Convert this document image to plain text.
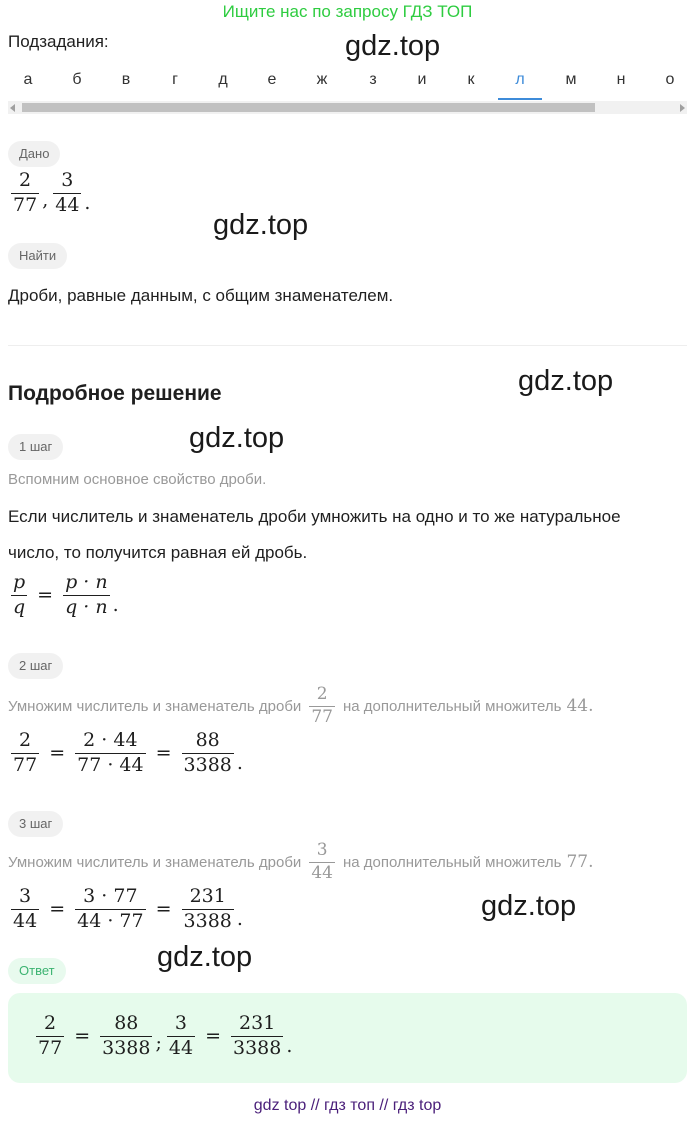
Ищите нас по запросу ГДЗ ТОП
Подзадания:
а	б	в	г	д	е	ж	з	и	к	л	м	н	о
Дано
$\frac{2}{77}$ , $\frac{3}{44}$ .
Найти
Дроби, равные данным, с общим знаменателем.
Подробное решение
1 шаг
Вспомним основное свойство дроби.
Если числитель и знаменатель дроби умножить на одно и то же натуральное
число, то получится равная ей дробь.
$\frac{p}{q} = \frac{p \cdot n}{q \cdot n}$ .
2 шаг
Умножим числитель и знаменатель дроби $\frac{2}{77}$ на дополнительный множитель 44.
$\frac{2}{77} = \frac{2 \cdot 44}{77 \cdot 44} = \frac{88}{3388}$ .
3 шаг
Умножим числитель и знаменатель дроби $\frac{3}{44}$ на дополнительный множитель 77.
$\frac{3}{44} = \frac{3 \cdot 77}{44 \cdot 77} = \frac{231}{3388}$ .
Ответ
$\frac{2}{77} = \frac{88}{3388}$ ; $\frac{3}{44} = \frac{231}{3388}$ .
gdz.top
gdz.top
gdz.top
gdz.top
gdz.top
gdz.top
gdz top // гдз топ // гдз top
